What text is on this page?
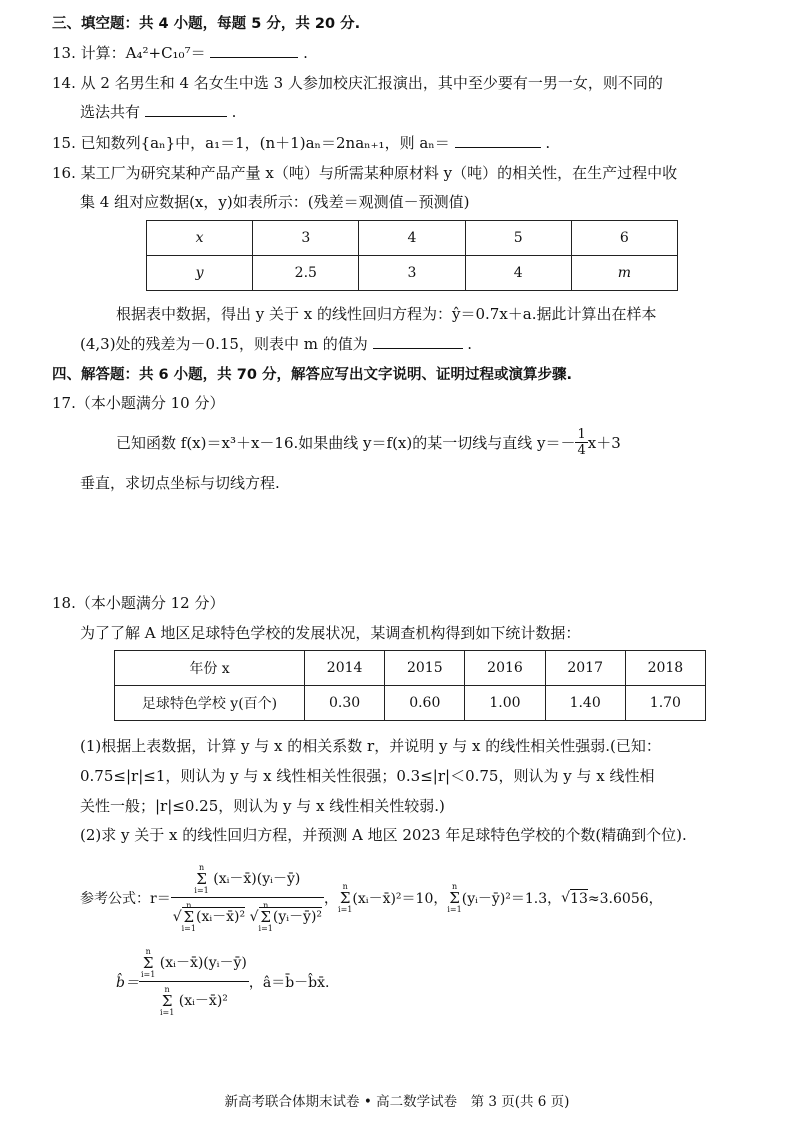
三、填空题：共 4 小题，每题 5 分，共 20 分.
13. 计算：A₄²+C₁₀⁷＝	.
14. 从 2 名男生和 4 名女生中选 3 人参加校庆汇报演出，其中至少要有一男一女，则不同的
选法共有	.
15. 已知数列{aₙ}中，a₁＝1，(n＋1)aₙ＝2naₙ₊₁，则 aₙ＝	.
16. 某工厂为研究某种产品产量 x（吨）与所需某种原材料 y（吨）的相关性，在生产过程中收
集 4 组对应数据(x，y)如表所示：(残差＝观测值－预测值)
x	3	4	5	6
y	2.5	3	4	m
根据表中数据，得出 y 关于 x 的线性回归方程为：ŷ＝0.7x＋a.据此计算出在样本
(4,3)处的残差为－0.15，则表中 m 的值为	.
四、解答题：共 6 小题，共 70 分，解答应写出文字说明、证明过程或演算步骤.
17.（本小题满分 10 分）
已知函数 f(x)＝x³＋x－16.如果曲线 y＝f(x)的某一切线与直线 $y=- \frac{1}{4} x+3$
垂直，求切点坐标与切线方程.
18.（本小题满分 12 分）
为了了解 A 地区足球特色学校的发展状况，某调查机构得到如下统计数据：
年份 x	2014	2015	2016	2017	2018
足球特色学校 y(百个)	0.30	0.60	1.00	1.40	1.70
(1)根据上表数据，计算 y 与 x 的相关系数 r，并说明 y 与 x 的线性相关性强弱.(已知：
0.75≤|r|≤1，则认为 y 与 x 线性相关性很强；0.3≤|r|＜0.75，则认为 y 与 x 线性相
关性一般；|r|≤0.25，则认为 y 与 x 线性相关性较弱.)
(2)求 y 关于 x 的线性回归方程，并预测 A 地区 2023 年足球特色学校的个数(精确到个位).
参考公式：r＝ n
Σ
i=1
(xᵢ－x̄)(yᵢ－ȳ)
√
n
Σ
i=1
(xᵢ－x̄)² √
n
Σ
i=1
(yᵢ－ȳ)² ，
n
Σ
i=1
(xᵢ－x̄)²＝10，
n
Σ
i=1
(yᵢ－ȳ)²＝1.3， √ 13 ≈3.6056，
b̂＝ n
Σ
i=1
(xᵢ－x̄)(yᵢ－ȳ)
n
Σ
i=1
(xᵢ－x̄)² ，â＝b̄－b̂x̄.
新高考联合体期末试卷 • 高二数学试卷　第 3 页(共 6 页)
